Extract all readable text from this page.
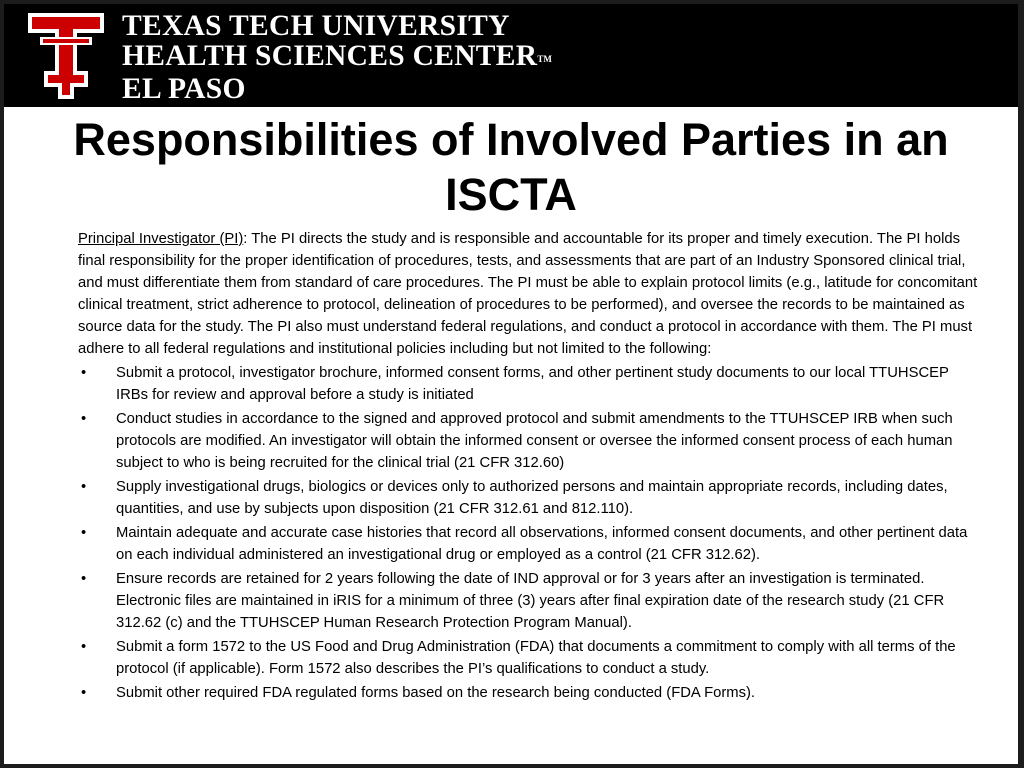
TEXAS TECH UNIVERSITY
HEALTH SCIENCES CENTERTM
EL PASO
Responsibilities of Involved Parties in an ISCTA

Principal Investigator (PI): The PI directs the study and is responsible and accountable for its proper and timely execution. The PI holds final responsibility for the proper identification of procedures, tests, and assessments that are part of an Industry Sponsored clinical trial, and must differentiate them from standard of care procedures. The PI must be able to explain protocol limits (e.g., latitude for concomitant clinical treatment, strict adherence to protocol, delineation of procedures to be performed), and oversee the records to be maintained as source data for the study. The PI also must understand federal regulations, and conduct a protocol in accordance with them. The PI must adhere to all federal regulations and institutional policies including but not limited to the following:

• Submit a protocol, investigator brochure, informed consent forms, and other pertinent study documents to our local TTUHSCEP IRBs for review and approval before a study is initiated
• Conduct studies in accordance to the signed and approved protocol and submit amendments to the TTUHSCEP IRB when such protocols are modified. An investigator will obtain the informed consent or oversee the informed consent process of each human subject to who is being recruited for the clinical trial (21 CFR 312.60)
• Supply investigational drugs, biologics or devices only to authorized persons and maintain appropriate records, including dates, quantities, and use by subjects upon disposition (21 CFR 312.61 and 812.110).
• Maintain adequate and accurate case histories that record all observations, informed consent documents, and other pertinent data on each individual administered an investigational drug or employed as a control (21 CFR 312.62).
• Ensure records are retained for 2 years following the date of IND approval or for 3 years after an investigation is terminated. Electronic files are maintained in iRIS for a minimum of three (3) years after final expiration date of the research study (21 CFR 312.62 (c) and the TTUHSCEP Human Research Protection Program Manual).
• Submit a form 1572 to the US Food and Drug Administration (FDA) that documents a commitment to comply with all terms of the protocol (if applicable). Form 1572 also describes the PI’s qualifications to conduct a study.
• Submit other required FDA regulated forms based on the research being conducted (FDA Forms).
